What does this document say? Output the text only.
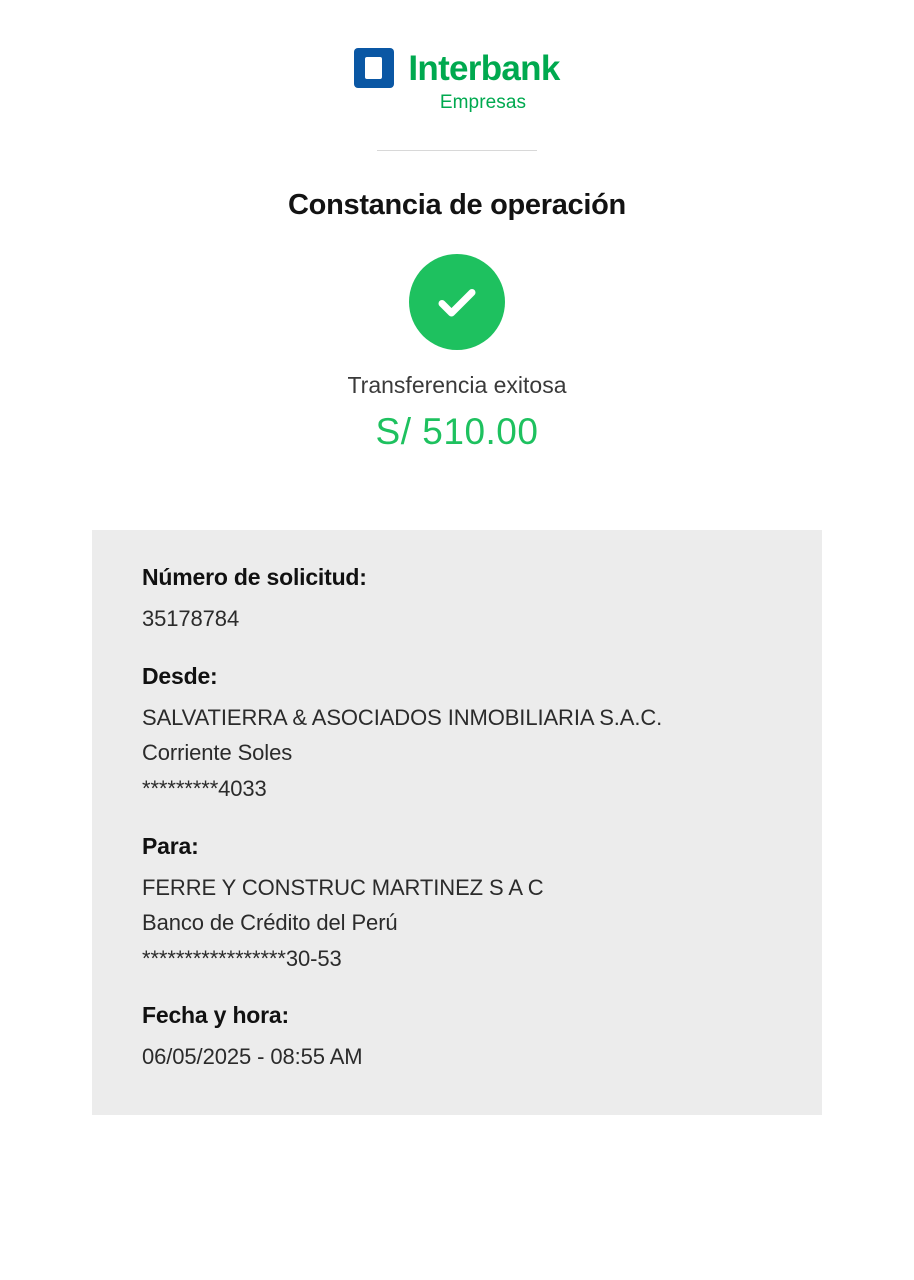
Interbank
Empresas
Constancia de operación
Transferencia exitosa
S/ 510.00
Número de solicitud:
35178784
Desde:
SALVATIERRA & ASOCIADOS INMOBILIARIA S.A.C.
Corriente Soles
*********4033
Para:
FERRE Y CONSTRUC MARTINEZ S A C
Banco de Crédito del Perú
*****************30-53
Fecha y hora:
06/05/2025 - 08:55 AM
